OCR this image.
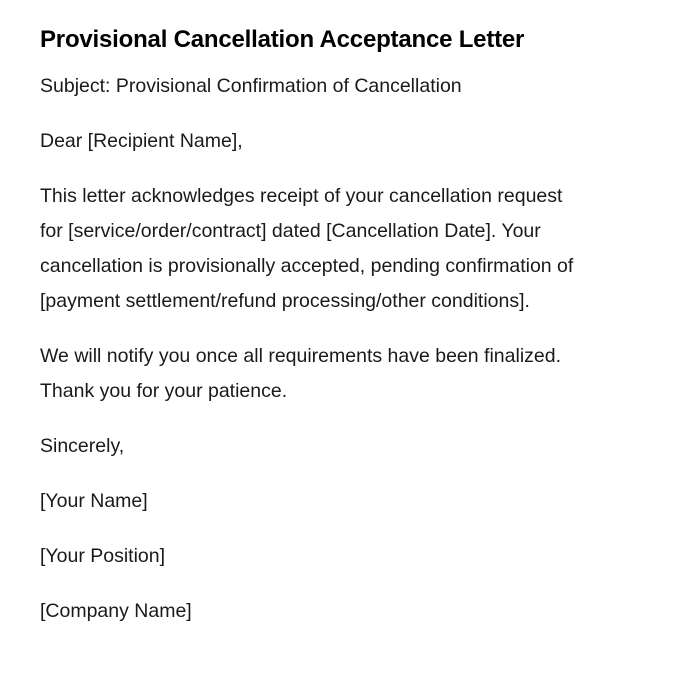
Provisional Cancellation Acceptance Letter

Subject: Provisional Confirmation of Cancellation

Dear [Recipient Name],

This letter acknowledges receipt of your cancellation request
for [service/order/contract] dated [Cancellation Date]. Your
cancellation is provisionally accepted, pending confirmation of
[payment settlement/refund processing/other conditions].
We will notify you once all requirements have been finalized.
Thank you for your patience.

Sincerely,

[Your Name]

[Your Position]

[Company Name]
